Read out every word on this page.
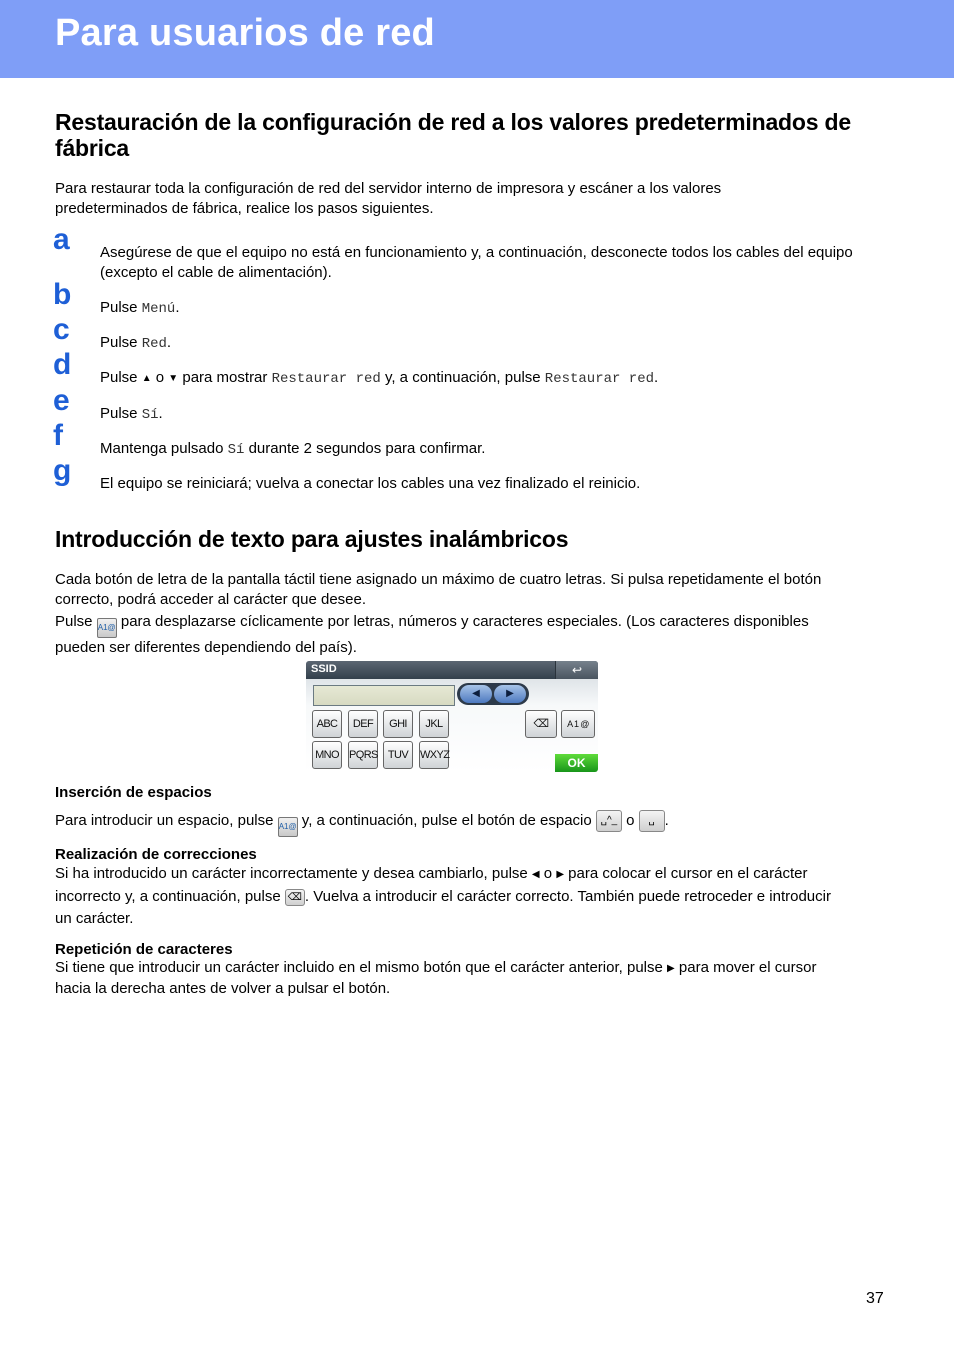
Para usuarios de red
Restauración de la configuración de red a los valores predeterminados de fábrica

Para restaurar toda la configuración de red del servidor interno de impresora y escáner a los valores predeterminados de fábrica, realice los pasos siguientes.

a	Asegúrese de que el equipo no está en funcionamiento y, a continuación, desconecte todos los cables del equipo (excepto el cable de alimentación).
b	Pulse Menú.
c	Pulse Red.
d	Pulse ▲ o ▼ para mostrar Restaurar red y, a continuación, pulse Restaurar red.
e	Pulse Sí.
f	Mantenga pulsado Sí durante 2 segundos para confirmar.
g	El equipo se reiniciará; vuelva a conectar los cables una vez finalizado el reinicio.
Introducción de texto para ajustes inalámbricos

Cada botón de letra de la pantalla táctil tiene asignado un máximo de cuatro letras. Si pulsa repetidamente el botón correcto, podrá acceder al carácter que desee.

Pulse A1@ para desplazarse cíclicamente por letras, números y caracteres especiales. (Los caracteres disponibles pueden ser diferentes dependiendo del país).

SSID	↩
◀	▶
ABC	DEF	GHI	JKL	⌫	A 1 @
MNO PQRS TUV	WXYZ
OK
Inserción de espacios

Para introducir un espacio, pulse A1@ y, a continuación, pulse el botón de espacio ␣^_ o ␣ .

Realización de correcciones

Si ha introducido un carácter incorrectamente y desea cambiarlo, pulse ◀ o ▶ para colocar el cursor en el carácter incorrecto y, a continuación, pulse ⌫ . Vuelva a introducir el carácter correcto. También puede retroceder e introducir un carácter.

Repetición de caracteres

Si tiene que introducir un carácter incluido en el mismo botón que el carácter anterior, pulse ▶ para mover el cursor hacia la derecha antes de volver a pulsar el botón.

37
